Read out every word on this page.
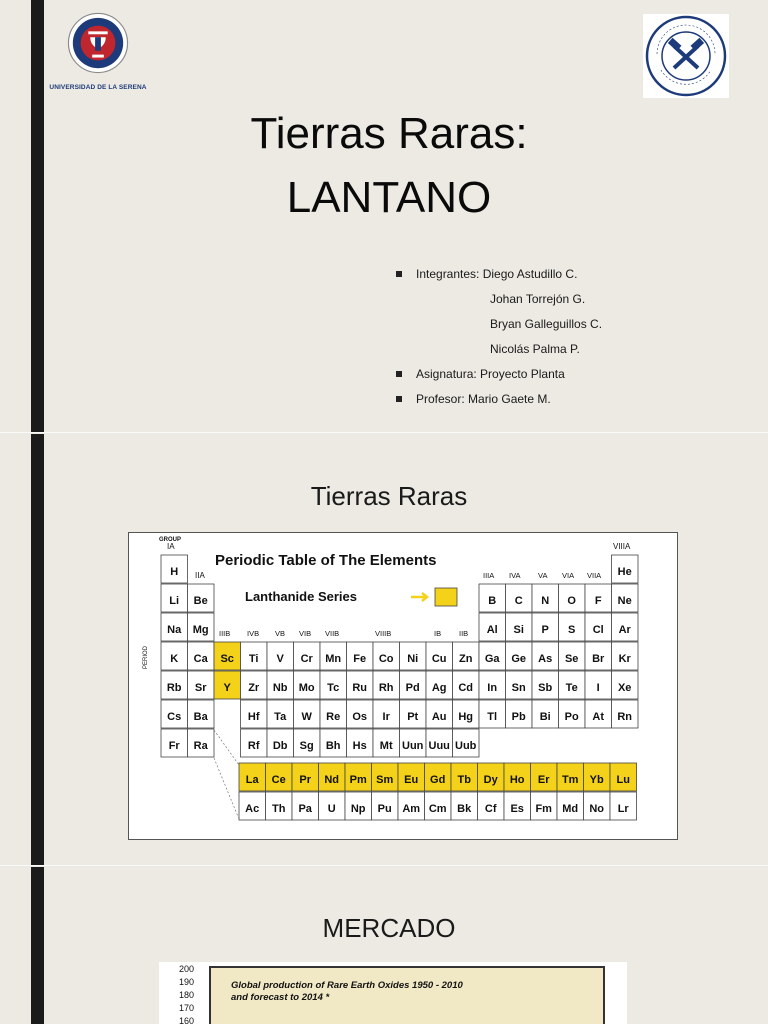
UNIVERSIDAD DE LA SERENA
Tierras Raras:
LANTANO
Integrantes: Diego Astudillo C.
Johan Torrejón G.
Bryan Galleguillos C.
Nicolás Palma P.
Asignatura: Proyecto Planta
Profesor: Mario Gaete M.
Tierras Raras
H	He
Li Be	B C N O F Ne
Na Mg	Al Si P S Cl Ar
K Ca Sc Ti V Cr Mn Fe Co Ni Cu Zn Ga Ge As Se Br Kr
Rb Sr Y Zr Nb Mo Tc Ru Rh Pd Ag Cd In Sn Sb Te I Xe
Cs Ba	Hf Ta W Re Os Ir Pt Au Hg Tl Pb Bi Po At Rn
Fr Ra	Rf Db Sg Bh Hs Mt Uun Uuu Uub
La Ce Pr Nd Pm Sm Eu Gd Tb Dy Ho Er Tm Yb Lu
Ac Th Pa U Np Pu Am Cm Bk Cf Es Fm Md No Lr
Periodic Table of The Elements
Lanthanide Series
GROUP
IA
IIA
VIIIA
IIIA IVA VA VIA VIIA
IIIB IVB VB VIB VIIB	VIIIB	IB IIB
PERIOD
MERCADO
Global production of Rare Earth Oxides 1950 - 2010
and forecast to 2014 *
200
190
180
170
160
